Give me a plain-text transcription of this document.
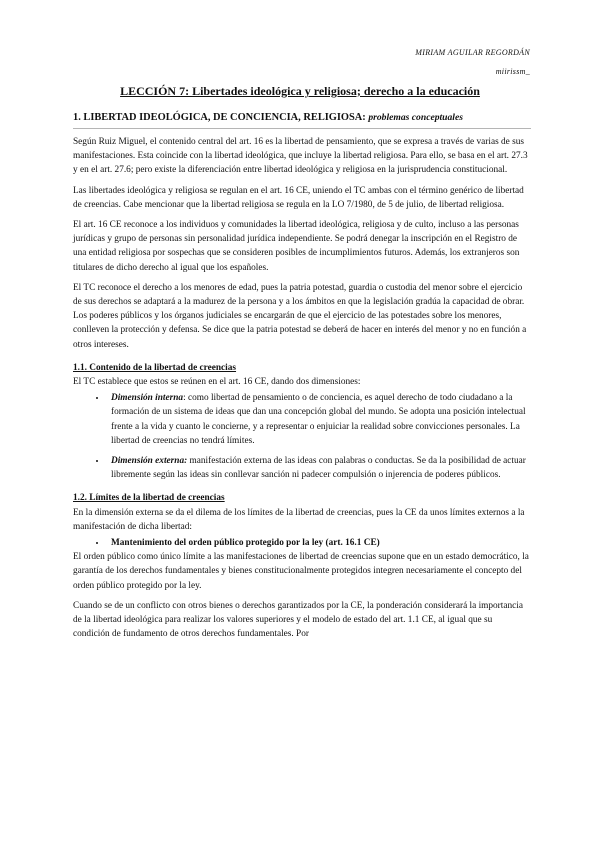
MIRIAM AGUILAR REGORDÁN
miirissm_
LECCIÓN 7: Libertades ideológica y religiosa; derecho a la educación
1. LIBERTAD IDEOLÓGICA, DE CONCIENCIA, RELIGIOSA: problemas conceptuales

Según Ruiz Miguel, el contenido central del art. 16 es la libertad de pensamiento, que se expresa a través de varias de sus manifestaciones. Esta coincide con la libertad ideológica, que incluye la libertad religiosa. Para ello, se basa en el art. 27.3 y en el art. 27.6; pero existe la diferenciación entre libertad ideológica y religiosa en la jurisprudencia constitucional.

Las libertades ideológica y religiosa se regulan en el art. 16 CE, uniendo el TC ambas con el término genérico de libertad de creencias. Cabe mencionar que la libertad religiosa se regula en la LO 7/1980, de 5 de julio, de libertad religiosa.

El art. 16 CE reconoce a los individuos y comunidades la libertad ideológica, religiosa y de culto, incluso a las personas jurídicas y grupo de personas sin personalidad jurídica independiente. Se podrá denegar la inscripción en el Registro de una entidad religiosa por sospechas que se consideren posibles de incumplimientos futuros. Además, los extranjeros son titulares de dicho derecho al igual que los españoles.

El TC reconoce el derecho a los menores de edad, pues la patria potestad, guardia o custodia del menor sobre el ejercicio de sus derechos se adaptará a la madurez de la persona y a los ámbitos en que la legislación gradúa la capacidad de obrar. Los poderes públicos y los órganos judiciales se encargarán de que el ejercicio de las potestades sobre los menores, conlleven la protección y defensa. Se dice que la patria potestad se deberá de hacer en interés del menor y no en función a otros intereses.

1.1. Contenido de la libertad de creencias

El TC establece que estos se reúnen en el art. 16 CE, dando dos dimensiones:

• Dimensión interna: como libertad de pensamiento o de conciencia, es aquel derecho de todo ciudadano a la formación de un sistema de ideas que dan una concepción global del mundo. Se adopta una posición intelectual frente a la vida y cuanto le concierne, y a representar o enjuiciar la realidad sobre convicciones personales. La libertad de creencias no tendrá límites.
• Dimensión externa: manifestación externa de las ideas con palabras o conductas. Se da la posibilidad de actuar libremente según las ideas sin conllevar sanción ni padecer compulsión o injerencia de poderes públicos.
1.2. Límites de la libertad de creencias

En la dimensión externa se da el dilema de los límites de la libertad de creencias, pues la CE da unos límites externos a la manifestación de dicha libertad:

• Mantenimiento del orden público protegido por la ley (art. 16.1 CE)

El orden público como único límite a las manifestaciones de libertad de creencias supone que en un estado democrático, la garantía de los derechos fundamentales y bienes constitucionalmente protegidos integren necesariamente el concepto del orden público protegido por la ley.

Cuando se de un conflicto con otros bienes o derechos garantizados por la CE, la ponderación considerará la importancia de la libertad ideológica para realizar los valores superiores y el modelo de estado del art. 1.1 CE, al igual que su condición de fundamento de otros derechos fundamentales. Por
